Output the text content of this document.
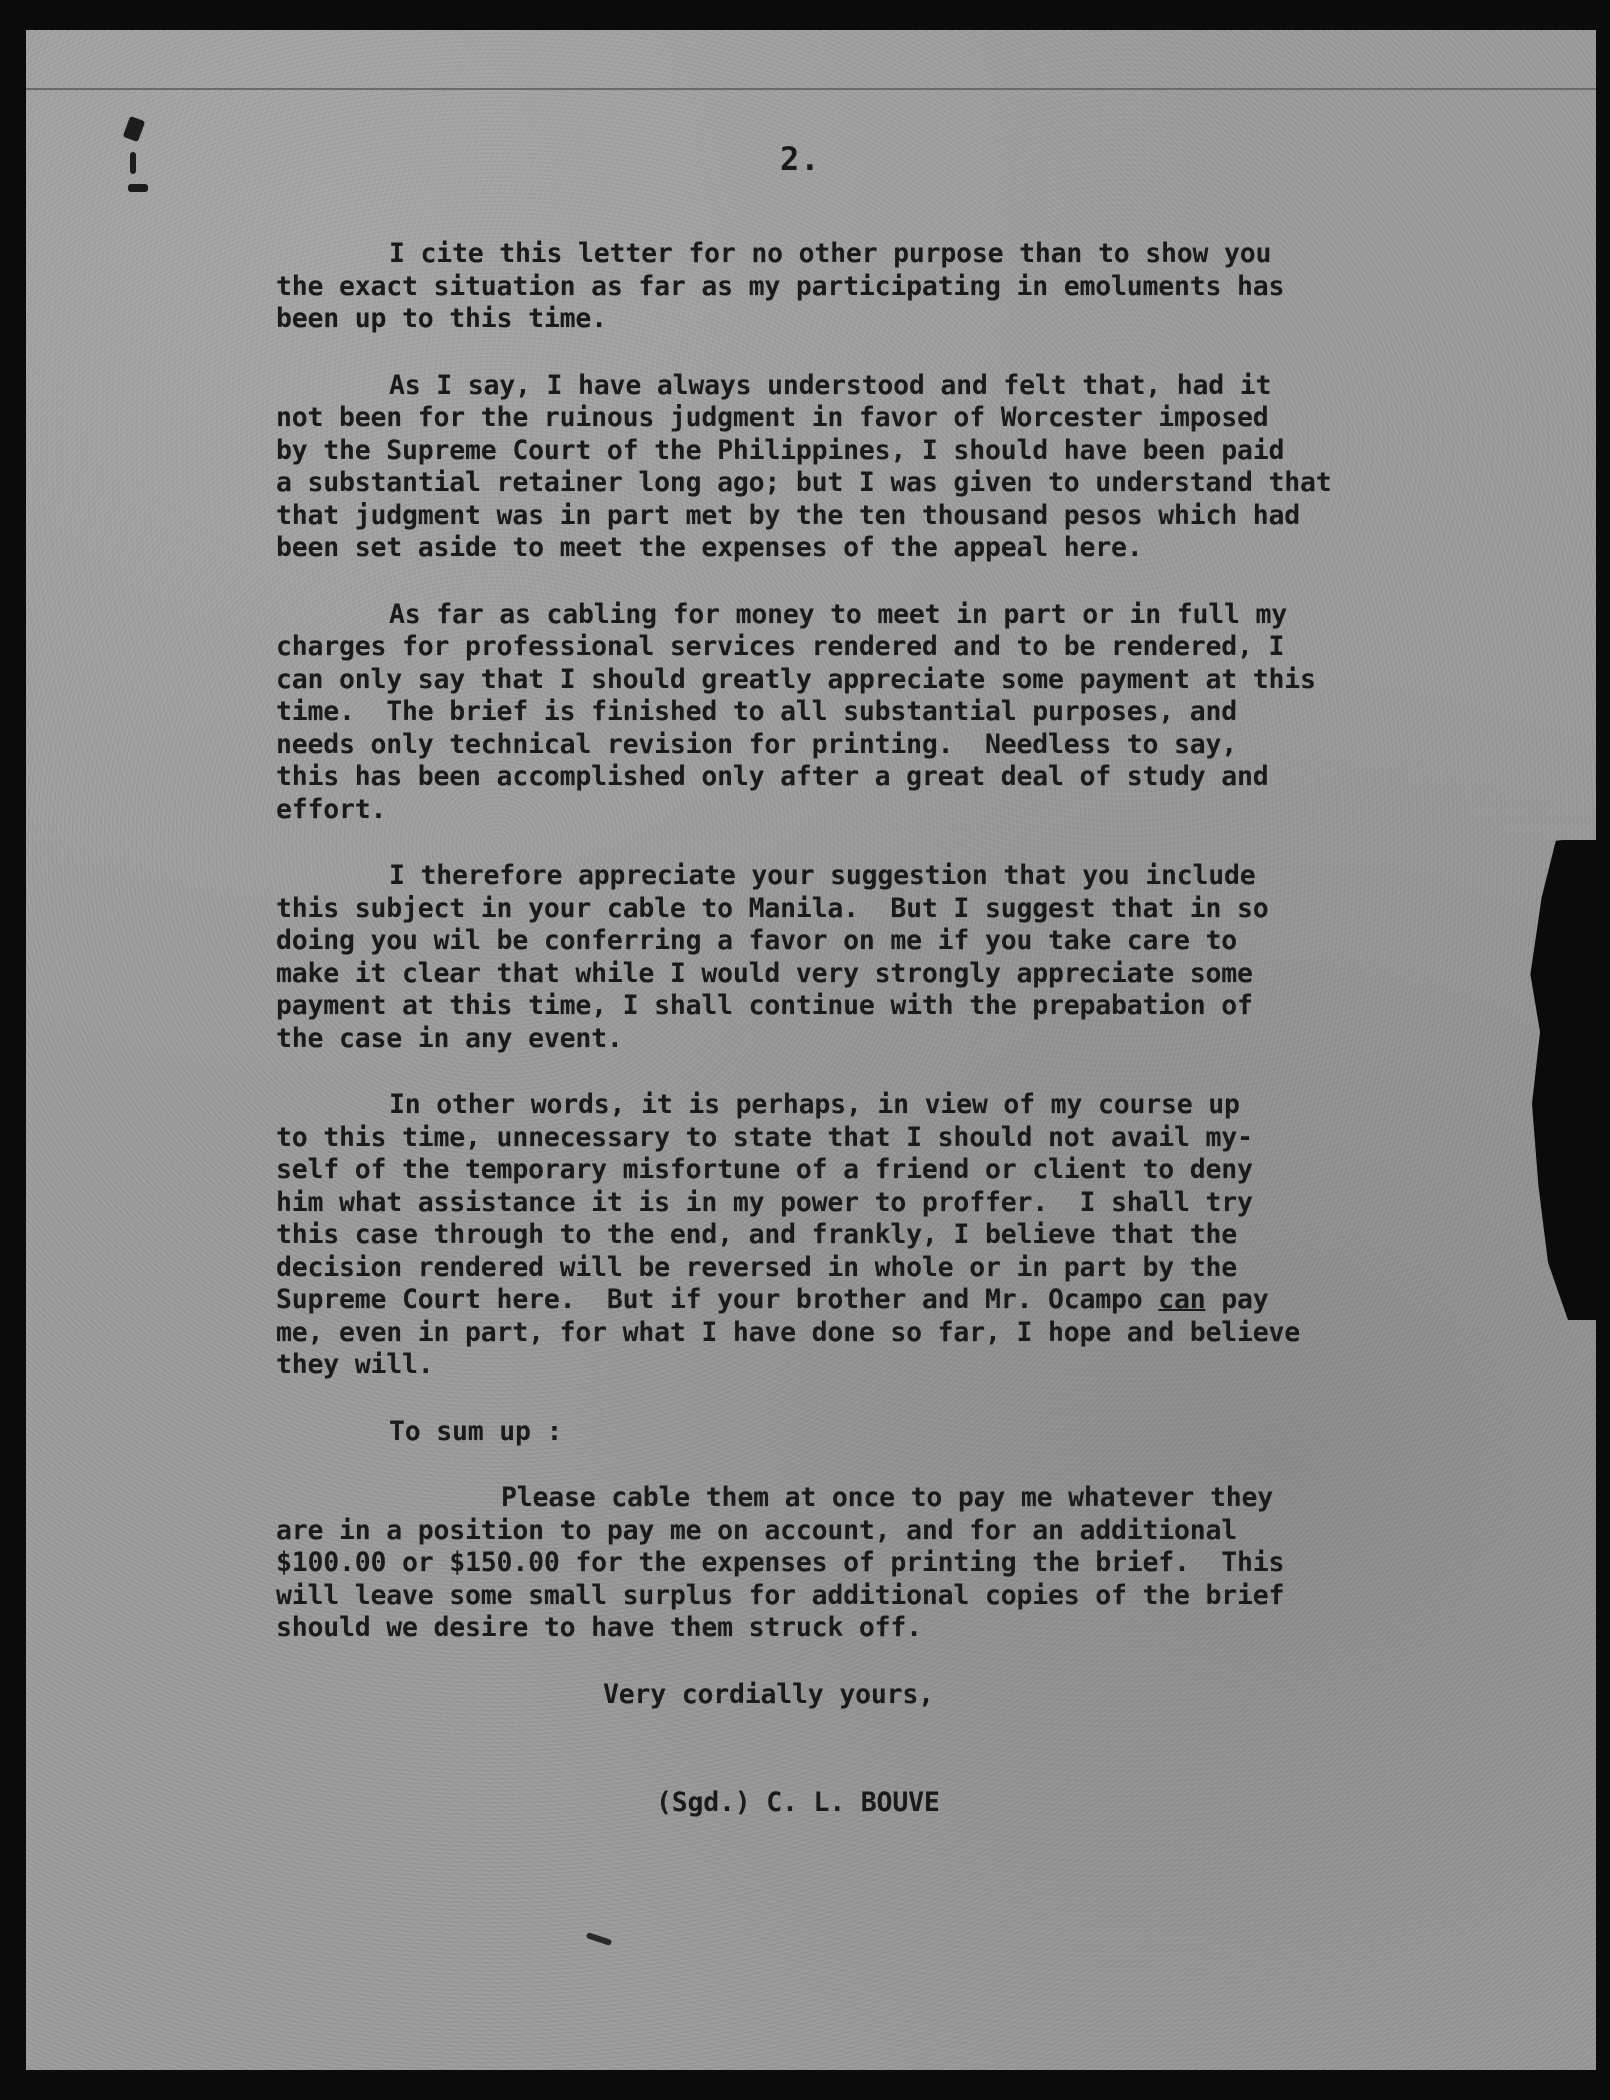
2.
I cite this letter for no other purpose than to show you
the exact situation as far as my participating in emoluments has
been up to this time.
As I say, I have always understood and felt that, had it
not been for the ruinous judgment in favor of Worcester imposed
by the Supreme Court of the Philippines, I should have been paid
a substantial retainer long ago; but I was given to understand that
that judgment was in part met by the ten thousand pesos which had
been set aside to meet the expenses of the appeal here.
As far as cabling for money to meet in part or in full my
charges for professional services rendered and to be rendered, I
can only say that I should greatly appreciate some payment at this
time.  The brief is finished to all substantial purposes, and
needs only technical revision for printing.  Needless to say,
this has been accomplished only after a great deal of study and
effort.
I therefore appreciate your suggestion that you include
this subject in your cable to Manila.  But I suggest that in so
doing you wil be conferring a favor on me if you take care to
make it clear that while I would very strongly appreciate some
payment at this time, I shall continue with the prepabation of
the case in any event.
In other words, it is perhaps, in view of my course up
to this time, unnecessary to state that I should not avail my-
self of the temporary misfortune of a friend or client to deny
him what assistance it is in my power to proffer.  I shall try
this case through to the end, and frankly, I believe that the
decision rendered will be reversed in whole or in part by the
Supreme Court here.  But if your brother and Mr. Ocampo can pay
me, even in part, for what I have done so far, I hope and believe
they will.
To sum up :
Please cable them at once to pay me whatever they
are in a position to pay me on account, and for an additional
$100.00 or $150.00 for the expenses of printing the brief.  This
will leave some small surplus for additional copies of the brief
should we desire to have them struck off.
Very cordially yours,
(Sgd.) C. L. BOUVE
